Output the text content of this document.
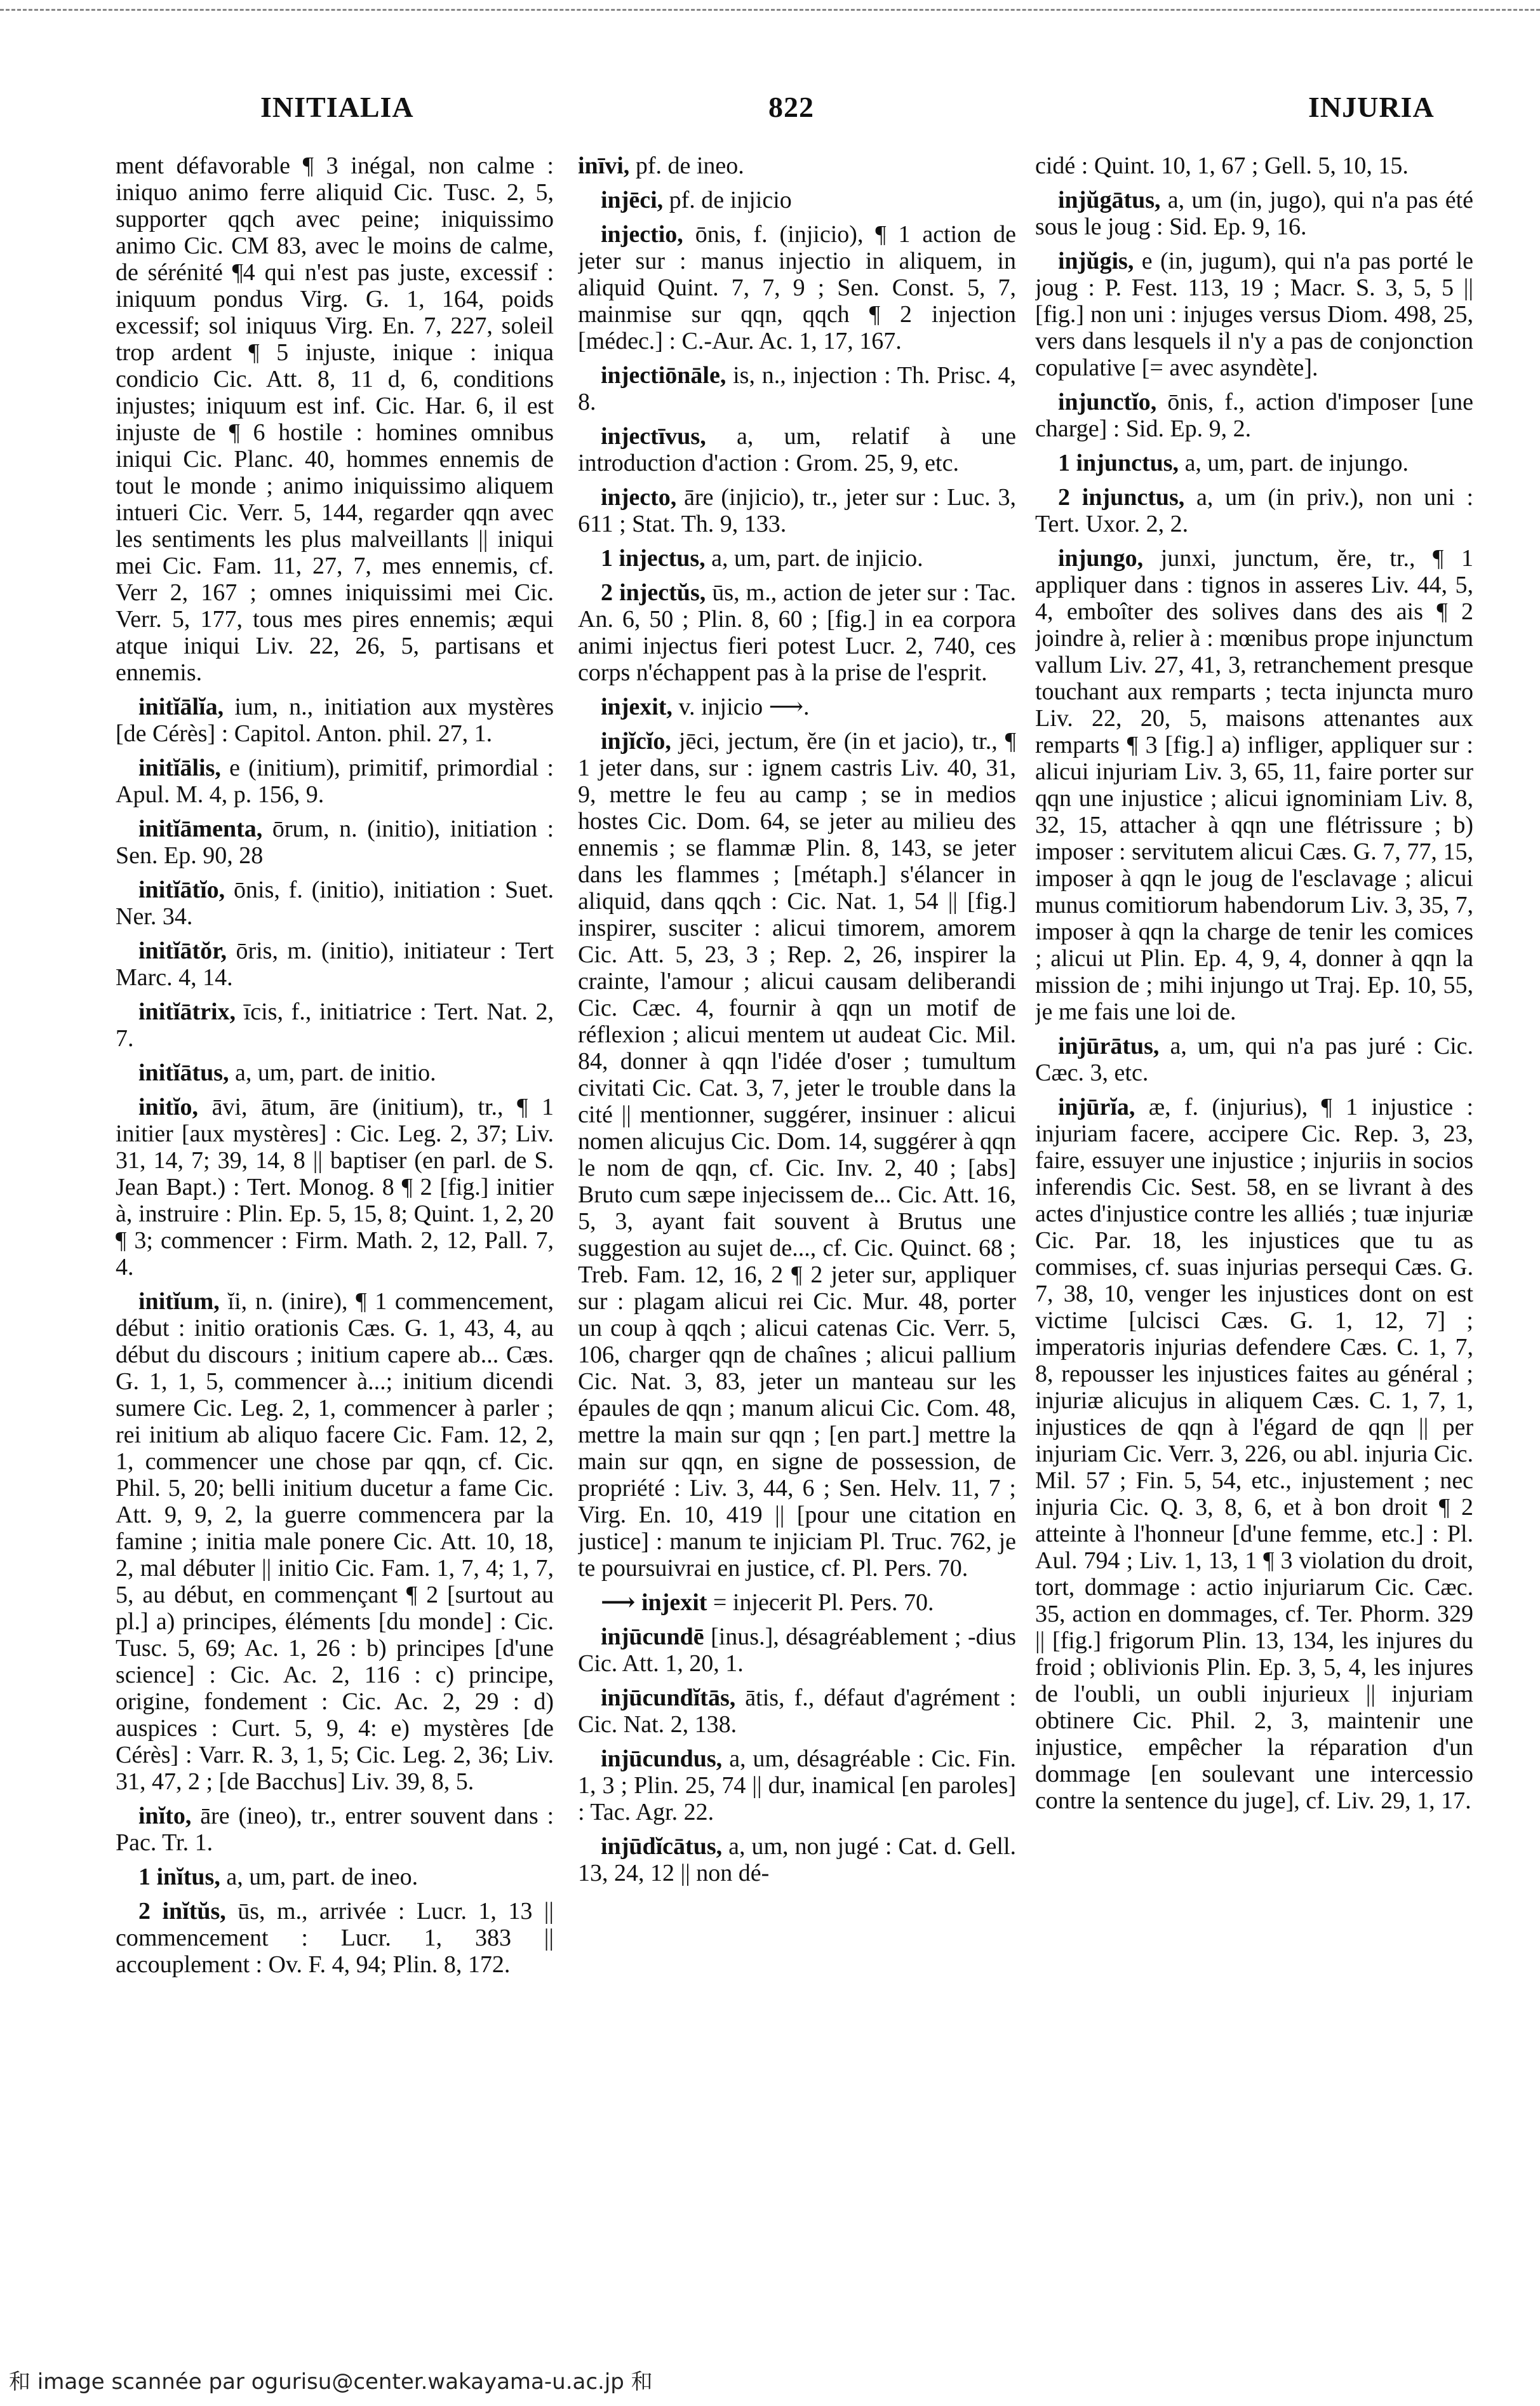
INITIALIA	822	INJURIA

ment défavorable ¶ 3 inégal, non calme : iniquo animo ferre aliquid Cic. Tusc. 2, 5, supporter qqch avec peine; iniquissimo animo Cic. CM 83, avec le moins de calme, de sérénité ¶4 qui n'est pas juste, excessif : iniquum pondus Virg. G. 1, 164, poids excessif; sol iniquus Virg. En. 7, 227, soleil trop ardent ¶ 5 injuste, inique : iniqua condicio Cic. Att. 8, 11 d, 6, conditions injustes; iniquum est inf. Cic. Har. 6, il est injuste de ¶ 6 hostile : homines omnibus iniqui Cic. Planc. 40, hommes ennemis de tout le monde ; animo iniquissimo aliquem intueri Cic. Verr. 5, 144, regarder qqn avec les sentiments les plus malveillants || iniqui mei Cic. Fam. 11, 27, 7, mes ennemis, cf. Verr 2, 167 ; omnes iniquissimi mei Cic. Verr. 5, 177, tous mes pires ennemis; æqui atque iniqui Liv. 22, 26, 5, partisans et ennemis.

initĭālĭa, ium, n., initiation aux mystères [de Cérès] : Capitol. Anton. phil. 27, 1.

initĭālis, e (initium), primitif, primordial : Apul. M. 4, p. 156, 9.

initĭāmenta, ōrum, n. (initio), initiation : Sen. Ep. 90, 28

initĭātĭo, ōnis, f. (initio), initiation : Suet. Ner. 34.

initĭātŏr, ōris, m. (initio), initiateur : Tert Marc. 4, 14.

initĭātrix, īcis, f., initiatrice : Tert. Nat. 2, 7.

initĭātus, a, um, part. de initio.

initĭo, āvi, ātum, āre (initium), tr., ¶ 1 initier [aux mystères] : Cic. Leg. 2, 37; Liv. 31, 14, 7; 39, 14, 8 || baptiser (en parl. de S. Jean Bapt.) : Tert. Monog. 8 ¶ 2 [fig.] initier à, instruire : Plin. Ep. 5, 15, 8; Quint. 1, 2, 20 ¶ 3; commencer : Firm. Math. 2, 12, Pall. 7, 4.

initĭum, ĭi, n. (inire), ¶ 1 commencement, début : initio orationis Cæs. G. 1, 43, 4, au début du discours ; initium capere ab... Cæs. G. 1, 1, 5, commencer à...; initium dicendi sumere Cic. Leg. 2, 1, commencer à parler ; rei initium ab aliquo facere Cic. Fam. 12, 2, 1, commencer une chose par qqn, cf. Cic. Phil. 5, 20; belli initium ducetur a fame Cic. Att. 9, 9, 2, la guerre commencera par la famine ; initia male ponere Cic. Att. 10, 18, 2, mal débuter || initio Cic. Fam. 1, 7, 4; 1, 7, 5, au début, en commençant ¶ 2 [surtout au pl.] a) principes, éléments [du monde] : Cic. Tusc. 5, 69; Ac. 1, 26 : b) principes [d'une science] : Cic. Ac. 2, 116 : c) principe, origine, fondement : Cic. Ac. 2, 29 : d) auspices : Curt. 5, 9, 4: e) mystères [de Cérès] : Varr. R. 3, 1, 5; Cic. Leg. 2, 36; Liv. 31, 47, 2 ; [de Bacchus] Liv. 39, 8, 5.

inĭto, āre (ineo), tr., entrer souvent dans : Pac. Tr. 1.

1 inĭtus, a, um, part. de ineo.

2 inĭtŭs, ūs, m., arrivée : Lucr. 1, 13 || commencement : Lucr. 1, 383 || accouplement : Ov. F. 4, 94; Plin. 8, 172.

inīvi, pf. de ineo.

injēci, pf. de injicio

injectio, ōnis, f. (injicio), ¶ 1 action de jeter sur : manus injectio in aliquem, in aliquid Quint. 7, 7, 9 ; Sen. Const. 5, 7, mainmise sur qqn, qqch ¶ 2 injection [médec.] : C.-Aur. Ac. 1, 17, 167.

injectiōnāle, is, n., injection : Th. Prisc. 4, 8.

injectīvus, a, um, relatif à une introduction d'action : Grom. 25, 9, etc.

injecto, āre (injicio), tr., jeter sur : Luc. 3, 611 ; Stat. Th. 9, 133.

1 injectus, a, um, part. de injicio.

2 injectŭs, ūs, m., action de jeter sur : Tac. An. 6, 50 ; Plin. 8, 60 ; [fig.] in ea corpora animi injectus fieri potest Lucr. 2, 740, ces corps n'échappent pas à la prise de l'esprit.

injexit, v. injicio ⟶.

injĭcĭo, jēci, jectum, ĕre (in et jacio), tr., ¶ 1 jeter dans, sur : ignem castris Liv. 40, 31, 9, mettre le feu au camp ; se in medios hostes Cic. Dom. 64, se jeter au milieu des ennemis ; se flammæ Plin. 8, 143, se jeter dans les flammes ; [métaph.] s'élancer in aliquid, dans qqch : Cic. Nat. 1, 54 || [fig.] inspirer, susciter : alicui timorem, amorem Cic. Att. 5, 23, 3 ; Rep. 2, 26, inspirer la crainte, l'amour ; alicui causam deliberandi Cic. Cæc. 4, fournir à qqn un motif de réflexion ; alicui mentem ut audeat Cic. Mil. 84, donner à qqn l'idée d'oser ; tumultum civitati Cic. Cat. 3, 7, jeter le trouble dans la cité || mentionner, suggérer, insinuer : alicui nomen alicujus Cic. Dom. 14, suggérer à qqn le nom de qqn, cf. Cic. Inv. 2, 40 ; [abs] Bruto cum sæpe injecissem de... Cic. Att. 16, 5, 3, ayant fait souvent à Brutus une suggestion au sujet de..., cf. Cic. Quinct. 68 ; Treb. Fam. 12, 16, 2 ¶ 2 jeter sur, appliquer sur : plagam alicui rei Cic. Mur. 48, porter un coup à qqch ; alicui catenas Cic. Verr. 5, 106, charger qqn de chaînes ; alicui pallium Cic. Nat. 3, 83, jeter un manteau sur les épaules de qqn ; manum alicui Cic. Com. 48, mettre la main sur qqn ; [en part.] mettre la main sur qqn, en signe de possession, de propriété : Liv. 3, 44, 6 ; Sen. Helv. 11, 7 ; Virg. En. 10, 419 || [pour une citation en justice] : manum te injiciam Pl. Truc. 762, je te poursuivrai en justice, cf. Pl. Pers. 70.

⟶ injexit = injecerit Pl. Pers. 70.

injūcundē [inus.], désagréablement ; -dius Cic. Att. 1, 20, 1.

injūcundĭtās, ātis, f., défaut d'agrément : Cic. Nat. 2, 138.

injūcundus, a, um, désagréable : Cic. Fin. 1, 3 ; Plin. 25, 74 || dur, inamical [en paroles] : Tac. Agr. 22.

injūdĭcātus, a, um, non jugé : Cat. d. Gell. 13, 24, 12 || non dé-

cidé : Quint. 10, 1, 67 ; Gell. 5, 10, 15.

injŭgātus, a, um (in, jugo), qui n'a pas été sous le joug : Sid. Ep. 9, 16.

injŭgis, e (in, jugum), qui n'a pas porté le joug : P. Fest. 113, 19 ; Macr. S. 3, 5, 5 || [fig.] non uni : injuges versus Diom. 498, 25, vers dans lesquels il n'y a pas de conjonction copulative [= avec asyndète].

injunctĭo, ōnis, f., action d'imposer [une charge] : Sid. Ep. 9, 2.

1 injunctus, a, um, part. de injungo.

2 injunctus, a, um (in priv.), non uni : Tert. Uxor. 2, 2.

injungo, junxi, junctum, ĕre, tr., ¶ 1 appliquer dans : tignos in asseres Liv. 44, 5, 4, emboîter des solives dans des ais ¶ 2 joindre à, relier à : mœnibus prope injunctum vallum Liv. 27, 41, 3, retranchement presque touchant aux remparts ; tecta injuncta muro Liv. 22, 20, 5, maisons attenantes aux remparts ¶ 3 [fig.] a) infliger, appliquer sur : alicui injuriam Liv. 3, 65, 11, faire porter sur qqn une injustice ; alicui ignominiam Liv. 8, 32, 15, attacher à qqn une flétrissure ; b) imposer : servitutem alicui Cæs. G. 7, 77, 15, imposer à qqn le joug de l'esclavage ; alicui munus comitiorum habendorum Liv. 3, 35, 7, imposer à qqn la charge de tenir les comices ; alicui ut Plin. Ep. 4, 9, 4, donner à qqn la mission de ; mihi injungo ut Traj. Ep. 10, 55, je me fais une loi de.

injūrātus, a, um, qui n'a pas juré : Cic. Cæc. 3, etc.

injūrĭa, æ, f. (injurius), ¶ 1 injustice : injuriam facere, accipere Cic. Rep. 3, 23, faire, essuyer une injustice ; injuriis in socios inferendis Cic. Sest. 58, en se livrant à des actes d'injustice contre les alliés ; tuæ injuriæ Cic. Par. 18, les injustices que tu as commises, cf. suas injurias persequi Cæs. G. 7, 38, 10, venger les injustices dont on est victime [ulcisci Cæs. G. 1, 12, 7] ; imperatoris injurias defendere Cæs. C. 1, 7, 8, repousser les injustices faites au général ; injuriæ alicujus in aliquem Cæs. C. 1, 7, 1, injustices de qqn à l'égard de qqn || per injuriam Cic. Verr. 3, 226, ou abl. injuria Cic. Mil. 57 ; Fin. 5, 54, etc., injustement ; nec injuria Cic. Q. 3, 8, 6, et à bon droit ¶ 2 atteinte à l'honneur [d'une femme, etc.] : Pl. Aul. 794 ; Liv. 1, 13, 1 ¶ 3 violation du droit, tort, dommage : actio injuriarum Cic. Cæc. 35, action en dommages, cf. Ter. Phorm. 329 || [fig.] frigorum Plin. 13, 134, les injures du froid ; oblivionis Plin. Ep. 3, 5, 4, les injures de l'oubli, un oubli injurieux || injuriam obtinere Cic. Phil. 2, 3, maintenir une injustice, empêcher la réparation d'un dommage [en soulevant une intercessio contre la sentence du juge], cf. Liv. 29, 1, 17.

和 image scannée par ogurisu@center.wakayama-u.ac.jp 和
